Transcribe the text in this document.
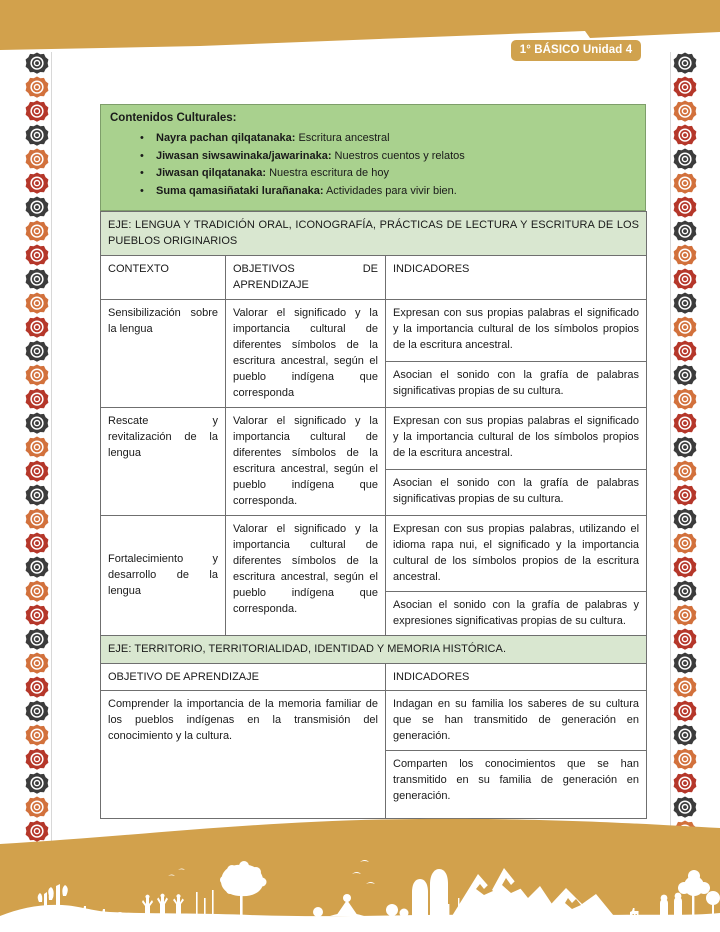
1° BÁSICO Unidad 4
Contenidos Culturales:
• Nayra pachan qilqatanaka: Escritura ancestral
• Jiwasan siwsawinaka/jawarinaka: Nuestros cuentos y relatos
• Jiwasan qilqatanaka: Nuestra escritura de hoy
• Suma qamasiñataki lurañanaka: Actividades para vivir bien.
EJE: LENGUA Y TRADICIÓN ORAL, ICONOGRAFÍA, PRÁCTICAS DE LECTURA Y ESCRITURA DE LOS PUEBLOS ORIGINARIOS		
CONTEXTO	OBJETIVOS DE APRENDIZAJE	INDICADORES
Sensibilización sobre la lengua	Valorar el significado y la importancia cultural de diferentes símbolos de la escritura ancestral, según el pueblo indígena que corresponda	Expresan con sus propias palabras el significado y la importancia cultural de los símbolos propios de la escritura ancestral.
		Asocian el sonido con la grafía de palabras significativas propias de su cultura.
Rescate y revitalización de la lengua	Valorar el significado y la importancia cultural de diferentes símbolos de la escritura ancestral, según el pueblo indígena que corresponda.	Expresan con sus propias palabras el significado y la importancia cultural de los símbolos propios de la escritura ancestral.
		Asocian el sonido con la grafía de palabras significativas propias de su cultura.
Fortalecimiento y desarrollo de la lengua	Valorar el significado y la importancia cultural de diferentes símbolos de la escritura ancestral, según el pueblo indígena que corresponda.	Expresan con sus propias palabras, utilizando el idioma rapa nui, el significado y la importancia cultural de los símbolos propios de la escritura ancestral.
		Asocian el sonido con la grafía de palabras y expresiones significativas propias de su cultura.
EJE: TERRITORIO, TERRITORIALIDAD, IDENTIDAD Y MEMORIA HISTÓRICA.	
OBJETIVO DE APRENDIZAJE	INDICADORES
Comprender la importancia de la memoria familiar de los pueblos indígenas en la transmisión del conocimiento y la cultura.	Indagan en su familia los saberes de su cultura que se han transmitido de generación en generación.
	Comparten los conocimientos que se han transmitido en su familia de generación en generación.
